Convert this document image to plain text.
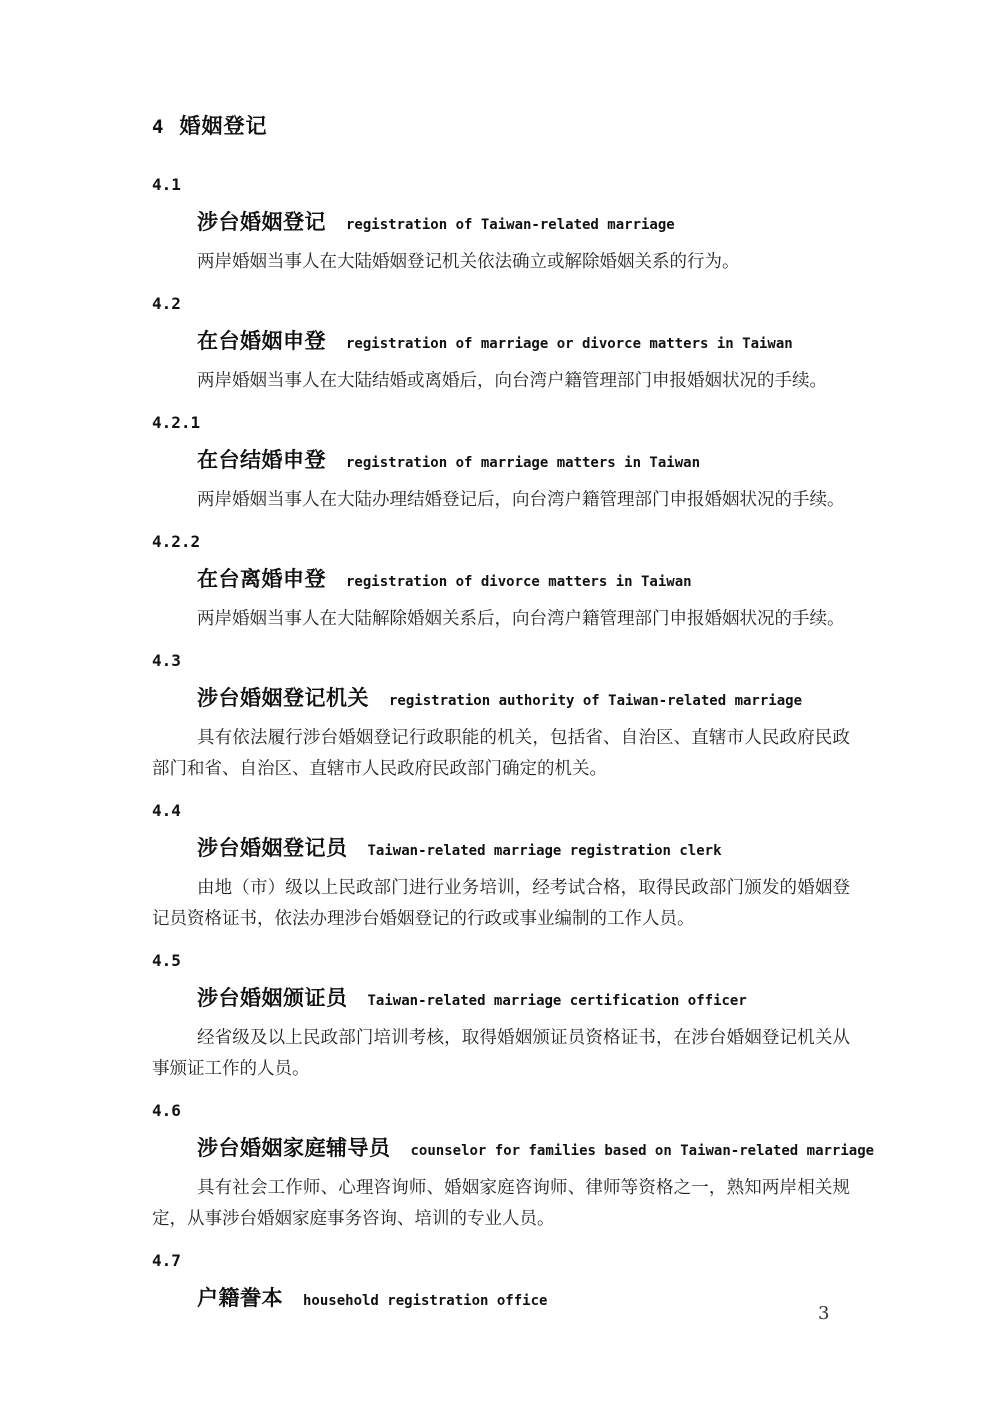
4 婚姻登记

4.1

涉台婚姻登记 registration of Taiwan-related marriage

两岸婚姻当事人在大陆婚姻登记机关依法确立或解除婚姻关系的行为。

4.2

在台婚姻申登 registration of marriage or divorce matters in Taiwan

两岸婚姻当事人在大陆结婚或离婚后，向台湾户籍管理部门申报婚姻状况的手续。

4.2.1

在台结婚申登 registration of marriage matters in Taiwan

两岸婚姻当事人在大陆办理结婚登记后，向台湾户籍管理部门申报婚姻状况的手续。

4.2.2

在台离婚申登 registration of divorce matters in Taiwan

两岸婚姻当事人在大陆解除婚姻关系后，向台湾户籍管理部门申报婚姻状况的手续。

4.3

涉台婚姻登记机关 registration authority of Taiwan-related marriage

具有依法履行涉台婚姻登记行政职能的机关，包括省、自治区、直辖市人民政府民政部门和省、自治区、直辖市人民政府民政部门确定的机关。

4.4

涉台婚姻登记员 Taiwan-related marriage registration clerk

由地（市）级以上民政部门进行业务培训，经考试合格，取得民政部门颁发的婚姻登记员资格证书，依法办理涉台婚姻登记的行政或事业编制的工作人员。

4.5

涉台婚姻颁证员 Taiwan-related marriage certification officer

经省级及以上民政部门培训考核，取得婚姻颁证员资格证书，在涉台婚姻登记机关从事颁证工作的人员。

4.6

涉台婚姻家庭辅导员 counselor for families based on Taiwan-related marriage

具有社会工作师、心理咨询师、婚姻家庭咨询师、律师等资格之一，熟知两岸相关规定，从事涉台婚姻家庭事务咨询、培训的专业人员。

4.7

户籍誊本 household registration office

3
